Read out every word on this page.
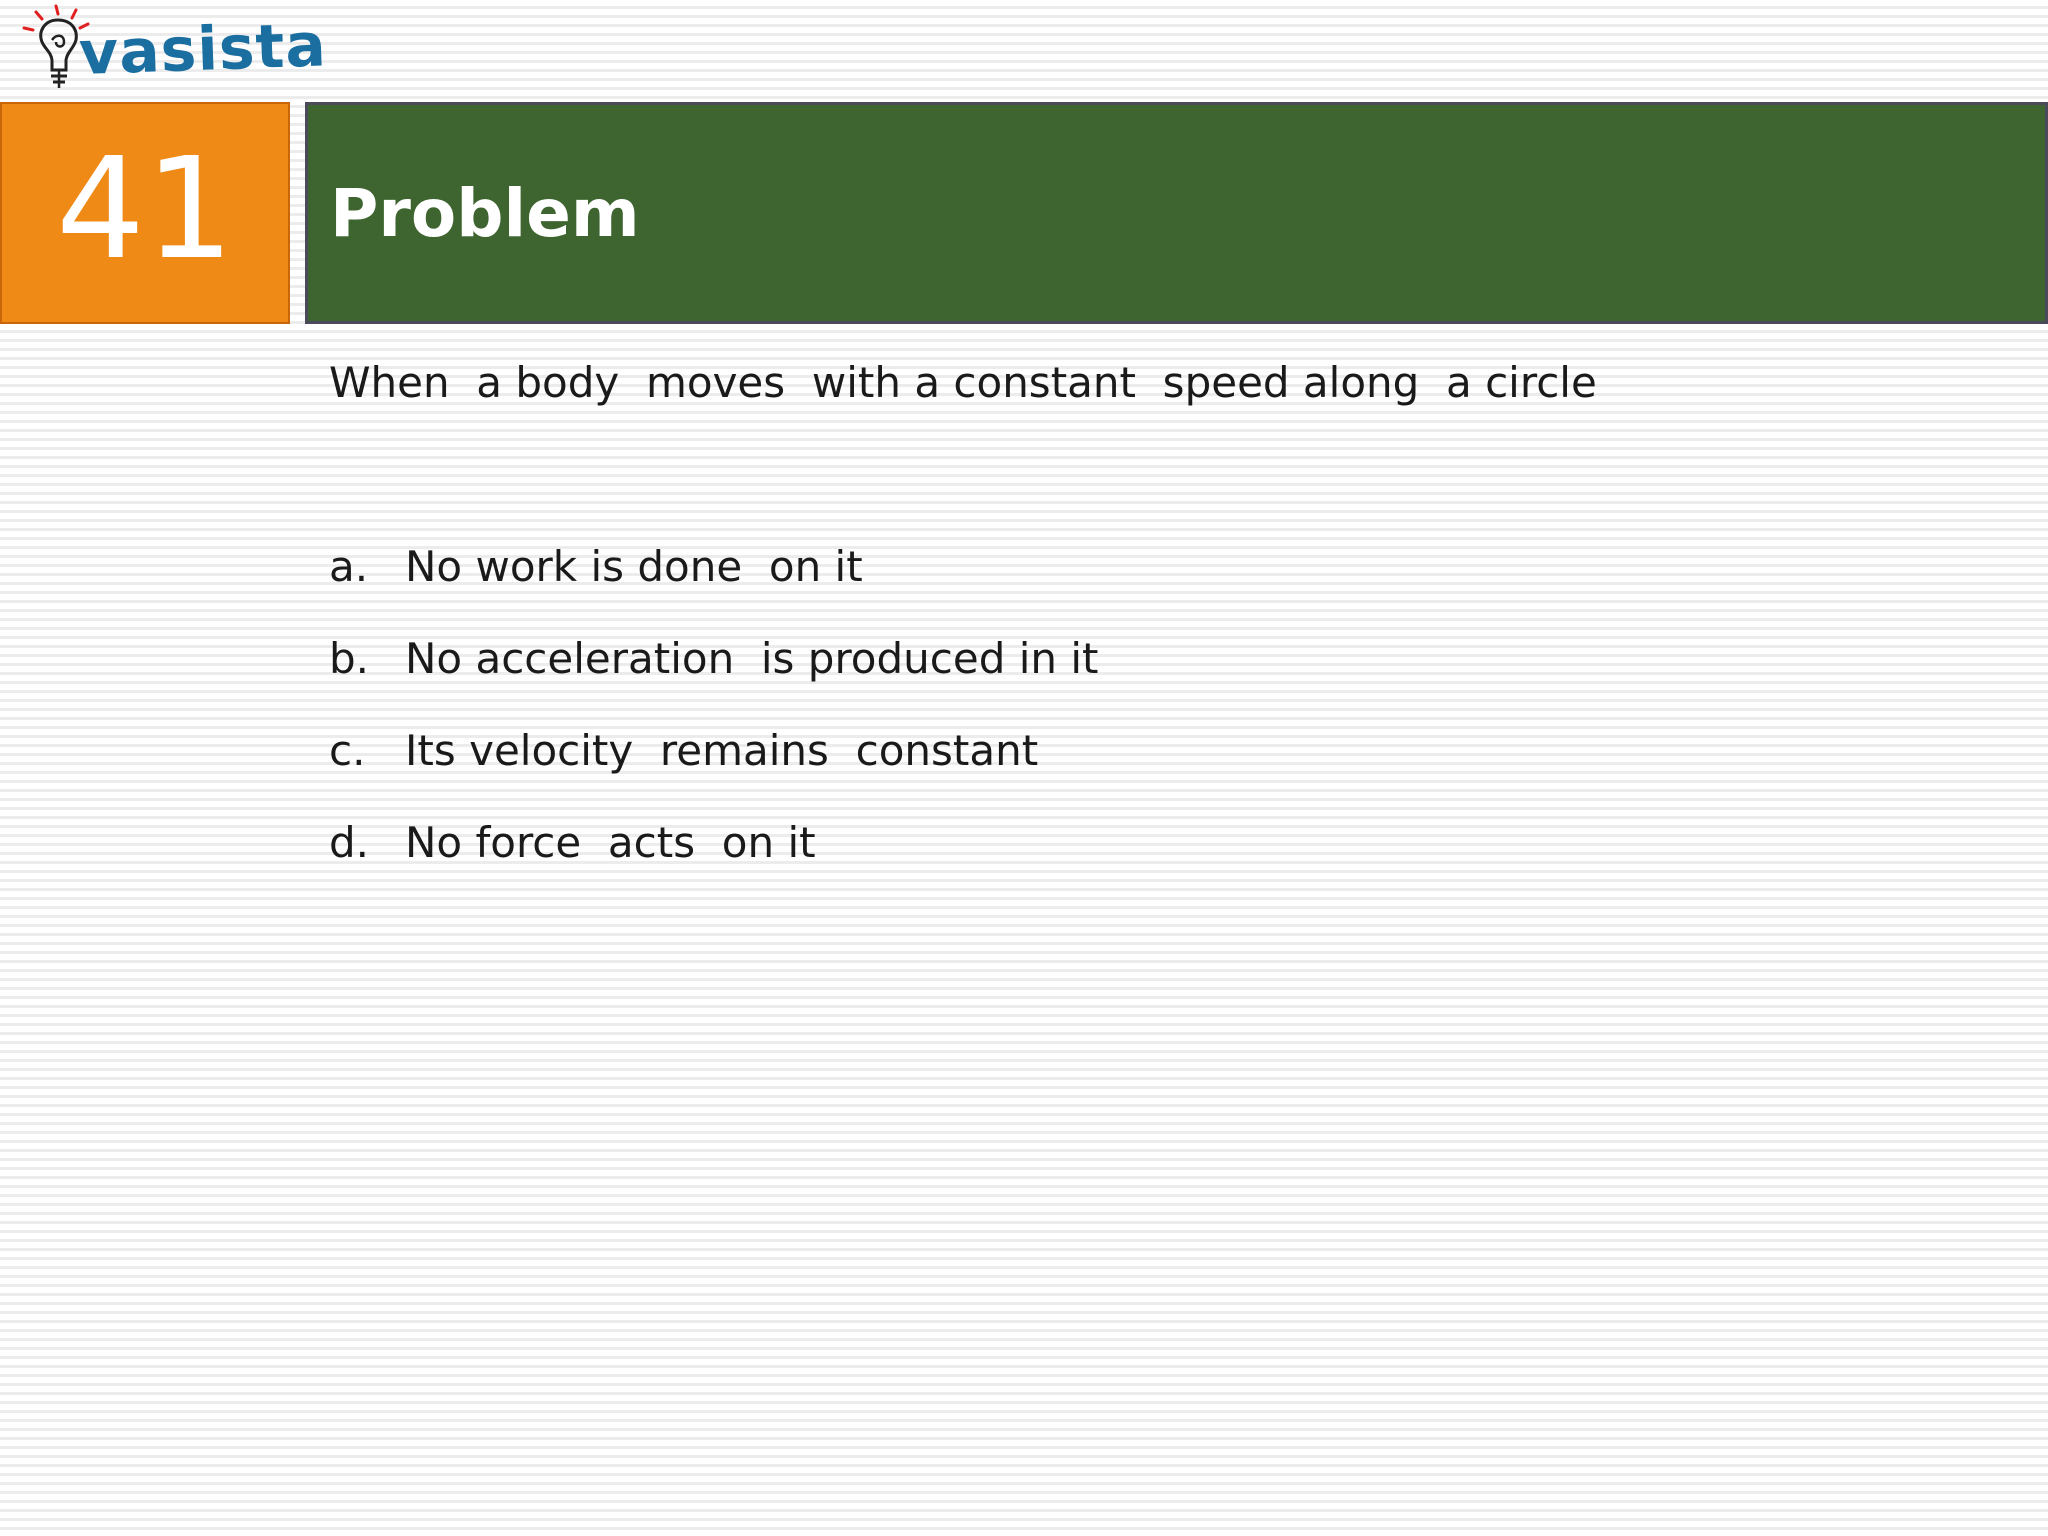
vasista
41 Problem
When  a body  moves  with a constant  speed along  a circle

a.

No work is done  on it

b.

No acceleration  is produced in it

c.

Its velocity  remains  constant

d.

No force  acts  on it
